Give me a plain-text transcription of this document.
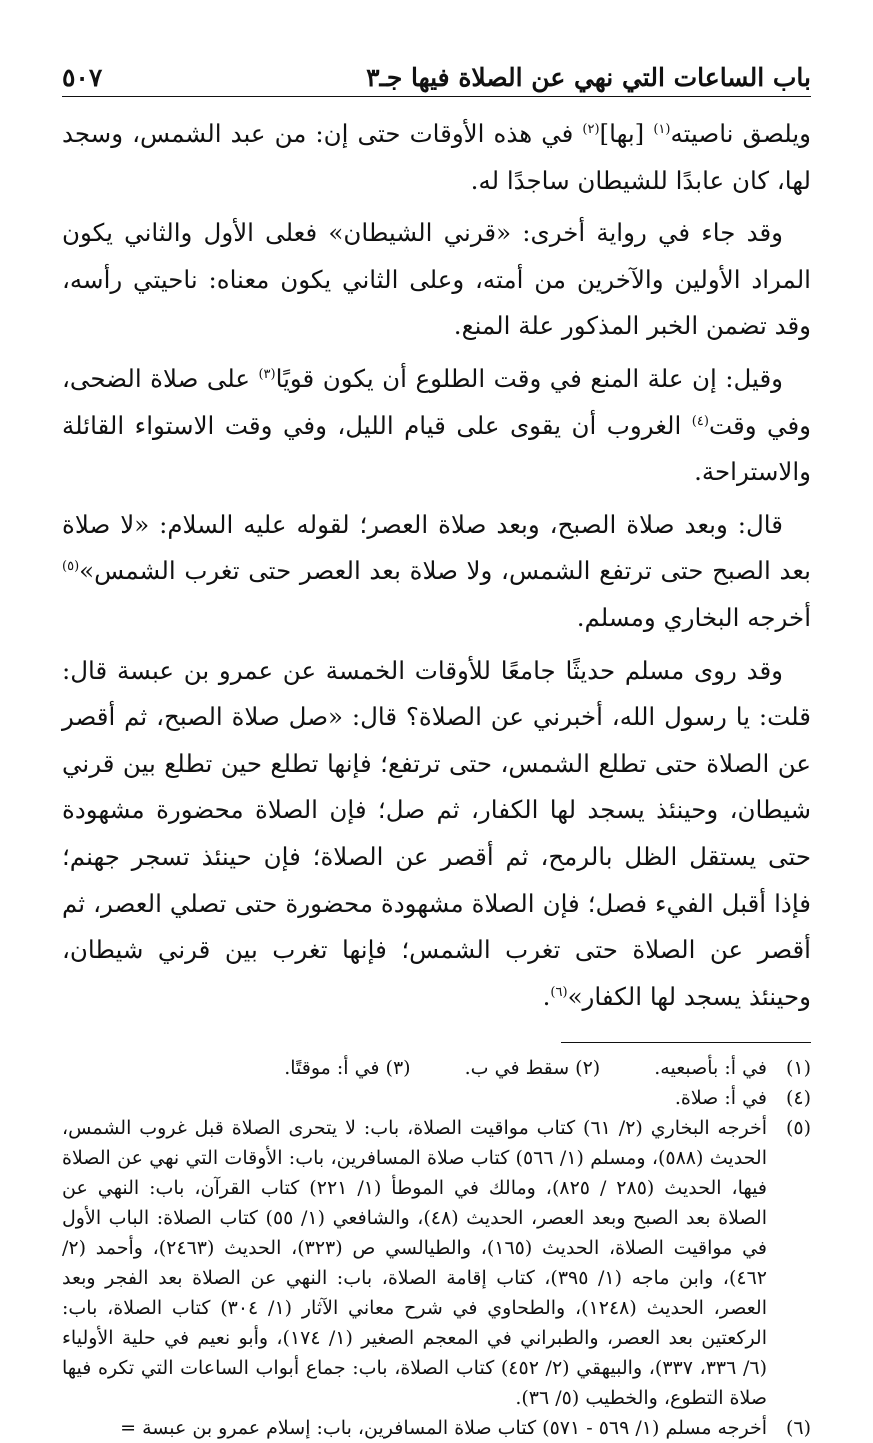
باب الساعات التي نهي عن الصلاة فيها جـ٣
٥٠٧

ويلصق ناصيته$^{(١)}$ [بها]$^{(٢)}$ في هذه الأوقات حتى إن: من عبد الشمس، وسجد لها، كان عابدًا للشيطان ساجدًا له.

وقد جاء في رواية أخرى: «قرني الشيطان» فعلى الأول والثاني يكون المراد الأولين والآخرين من أمته، وعلى الثاني يكون معناه: ناحيتي رأسه، وقد تضمن الخبر المذكور علة المنع.

وقيل: إن علة المنع في وقت الطلوع أن يكون قويًا$^{(٣)}$ على صلاة الضحى، وفي وقت$^{(٤)}$ الغروب أن يقوى على قيام الليل، وفي وقت الاستواء القائلة والاستراحة.

قال: وبعد صلاة الصبح، وبعد صلاة العصر؛ لقوله عليه السلام: «لا صلاة بعد الصبح حتى ترتفع الشمس، ولا صلاة بعد العصر حتى تغرب الشمس»$^{(٥)}$ أخرجه البخاري ومسلم.

وقد روى مسلم حديثًا جامعًا للأوقات الخمسة عن عمرو بن عبسة قال: قلت: يا رسول الله، أخبرني عن الصلاة؟ قال: «صل صلاة الصبح، ثم أقصر عن الصلاة حتى تطلع الشمس، حتى ترتفع؛ فإنها تطلع حين تطلع بين قرني شيطان، وحينئذ يسجد لها الكفار، ثم صل؛ فإن الصلاة محضورة مشهودة حتى يستقل الظل بالرمح، ثم أقصر عن الصلاة؛ فإن حينئذ تسجر جهنم؛ فإذا أقبل الفيء فصل؛ فإن الصلاة مشهودة محضورة حتى تصلي العصر، ثم أقصر عن الصلاة حتى تغرب الشمس؛ فإنها تغرب بين قرني شيطان، وحينئذ يسجد لها الكفار»$^{(٦)}$.

(١)
في أ: بأصبعيه. (٢)سقط في ب. (٣)في أ: موقتًا.
(٤)
في أ: صلاة.
(٥)
أخرجه البخاري (٢/ ٦١) كتاب مواقيت الصلاة، باب: لا يتحرى الصلاة قبل غروب الشمس، الحديث (٥٨٨)، ومسلم (١/ ٥٦٦) كتاب صلاة المسافرين، باب: الأوقات التي نهي عن الصلاة فيها، الحديث (٢٨٥ / ٨٢٥)، ومالك في الموطأ (١/ ٢٢١) كتاب القرآن، باب: النهي عن الصلاة بعد الصبح وبعد العصر، الحديث (٤٨)، والشافعي (١/ ٥٥) كتاب الصلاة: الباب الأول في مواقيت الصلاة، الحديث (١٦٥)، والطيالسي ص (٣٢٣)، الحديث (٢٤٦٣)، وأحمد (٢/ ٤٦٢)، وابن ماجه (١/ ٣٩٥)، كتاب إقامة الصلاة، باب: النهي عن الصلاة بعد الفجر وبعد العصر، الحديث (١٢٤٨)، والطحاوي في شرح معاني الآثار (١/ ٣٠٤) كتاب الصلاة، باب: الركعتين بعد العصر، والطبراني في المعجم الصغير (١/ ١٧٤)، وأبو نعيم في حلية الأولياء (٦/ ٣٣٦، ٣٣٧)، والبيهقي (٢/ ٤٥٢) كتاب الصلاة، باب: جماع أبواب الساعات التي تكره فيها صلاة التطوع، والخطيب (٥/ ٣٦).
(٦)
أخرجه مسلم (١/ ٥٦٩ - ٥٧١) كتاب صلاة المسافرين، باب: إسلام عمرو بن عبسة =
